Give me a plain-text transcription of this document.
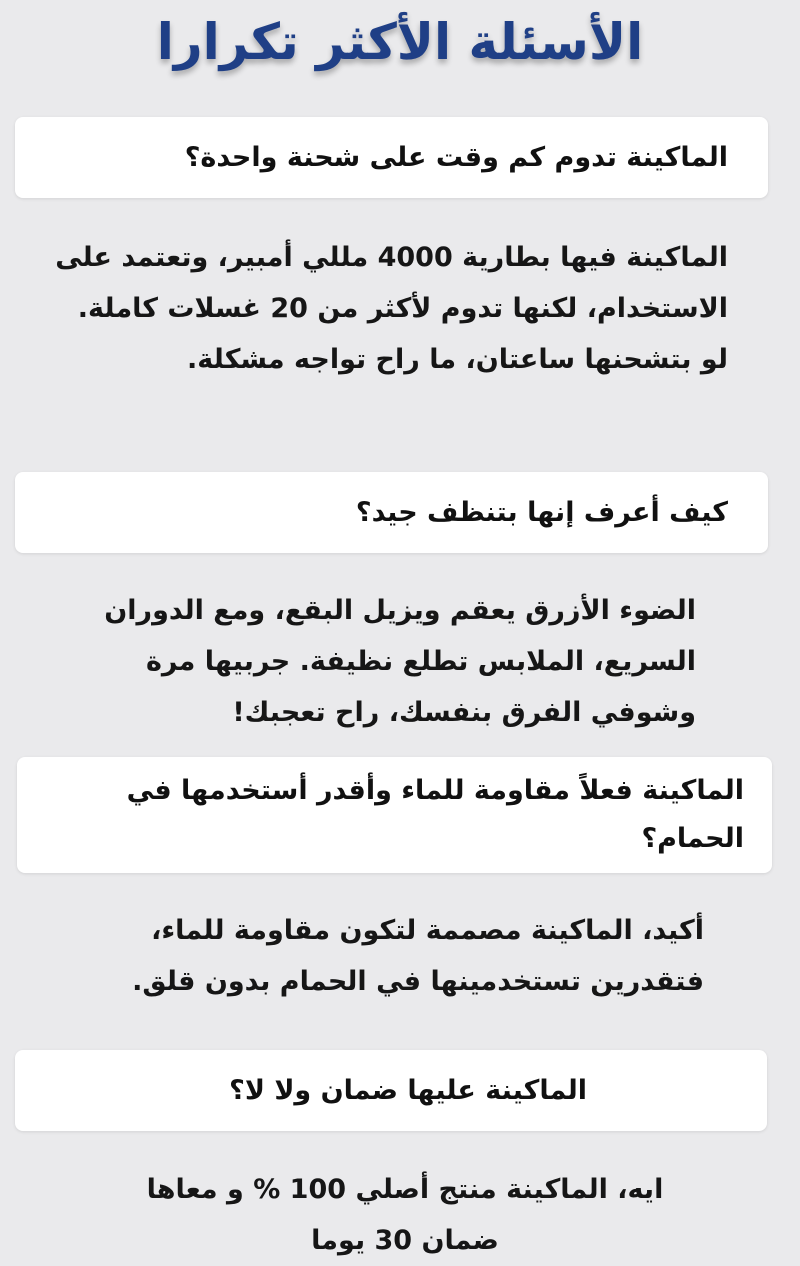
الأسئلة الأكثر تكرارا

الماكينة تدوم كم وقت على شحنة واحدة؟

الماكينة فيها بطارية 4000 مللي أمبير، وتعتمد على الاستخدام، لكنها تدوم لأكثر من 20 غسلات كاملة. لو بتشحنها ساعتان، ما راح تواجه مشكلة.

كيف أعرف إنها بتنظف جيد؟

الضوء الأزرق يعقم ويزيل البقع، ومع الدوران السريع، الملابس تطلع نظيفة. جربيها مرة وشوفي الفرق بنفسك، راح تعجبك!

الماكينة فعلاً مقاومة للماء وأقدر أستخدمها في الحمام؟

أكيد، الماكينة مصممة لتكون مقاومة للماء، فتقدرين تستخدمينها في الحمام بدون قلق.

الماكينة عليها ضمان ولا لا؟

ايه، الماكينة منتج أصلي 100 % و معاها ضمان 30 يوما
